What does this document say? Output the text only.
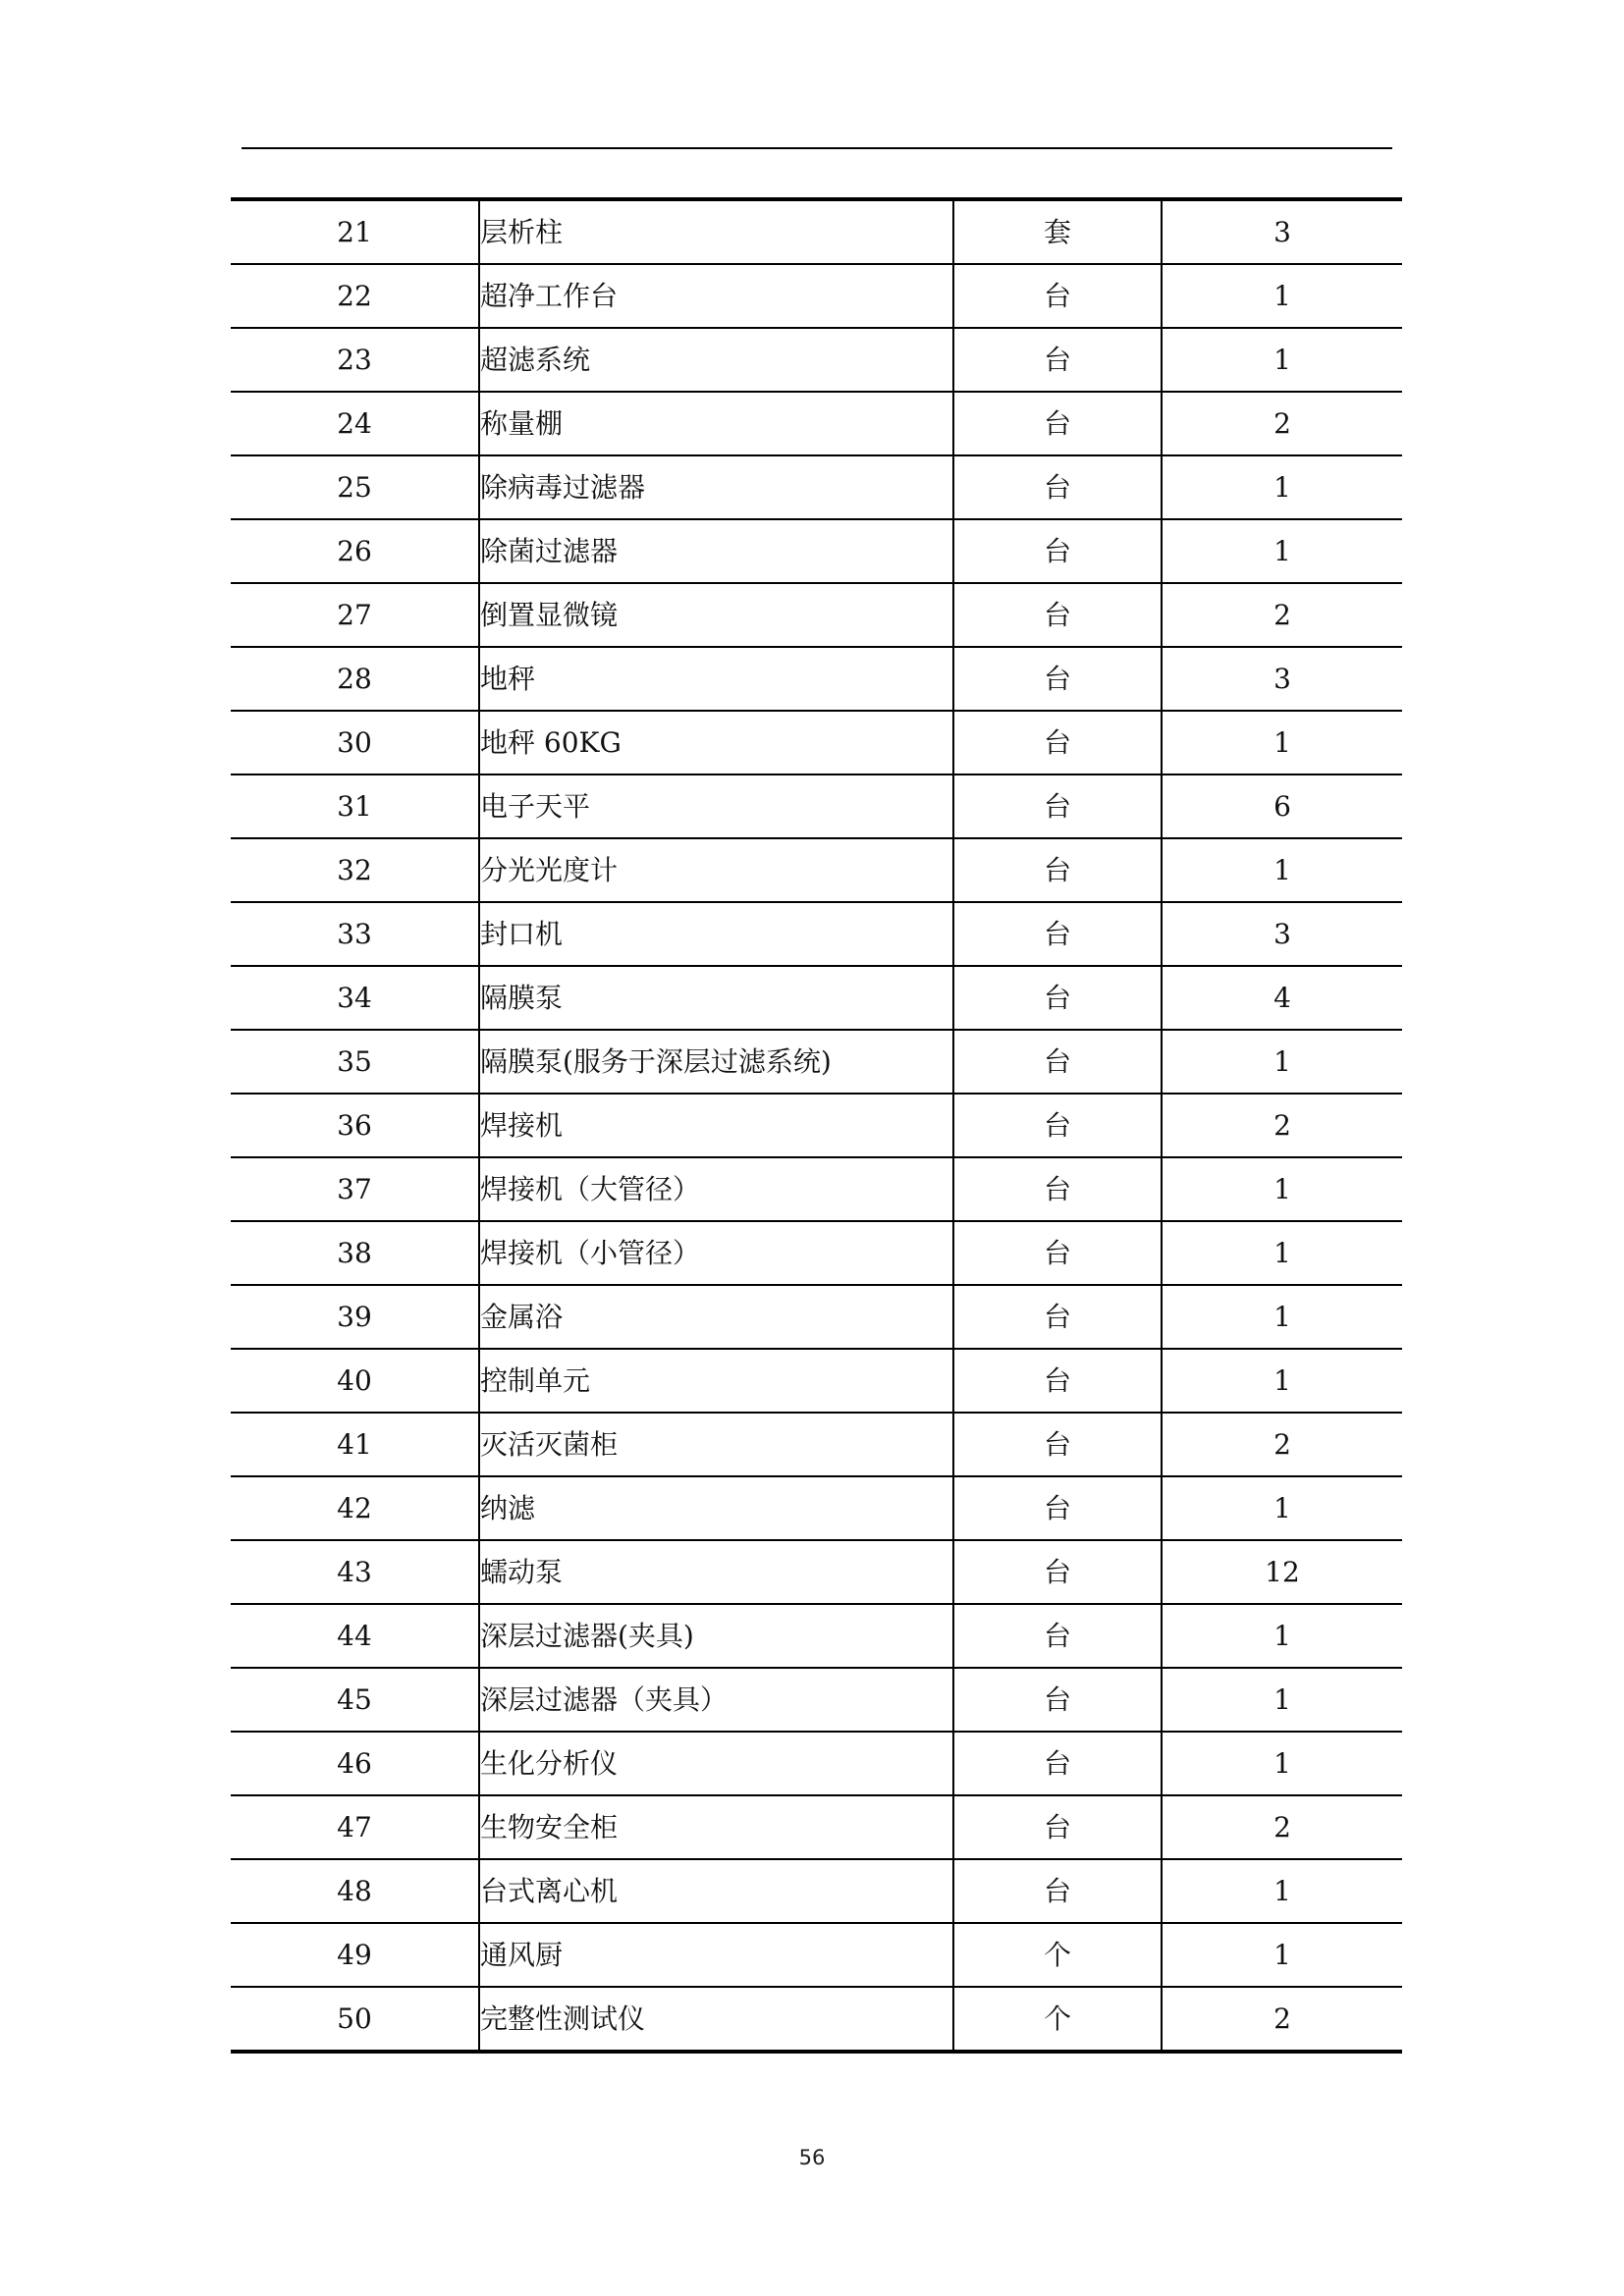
21	层析柱	套	3
22	超净工作台	台	1
23	超滤系统	台	1
24	称量棚	台	2
25	除病毒过滤器	台	1
26	除菌过滤器	台	1
27	倒置显微镜	台	2
28	地秤	台	3
30	地秤 60KG	台	1
31	电子天平	台	6
32	分光光度计	台	1
33	封口机	台	3
34	隔膜泵	台	4
35	隔膜泵(服务于深层过滤系统)	台	1
36	焊接机	台	2
37	焊接机（大管径）	台	1
38	焊接机（小管径）	台	1
39	金属浴	台	1
40	控制单元	台	1
41	灭活灭菌柜	台	2
42	纳滤	台	1
43	蠕动泵	台	12
44	深层过滤器(夹具)	台	1
45	深层过滤器（夹具）	台	1
46	生化分析仪	台	1
47	生物安全柜	台	2
48	台式离心机	台	1
49	通风厨	个	1
50	完整性测试仪	个	2
56
